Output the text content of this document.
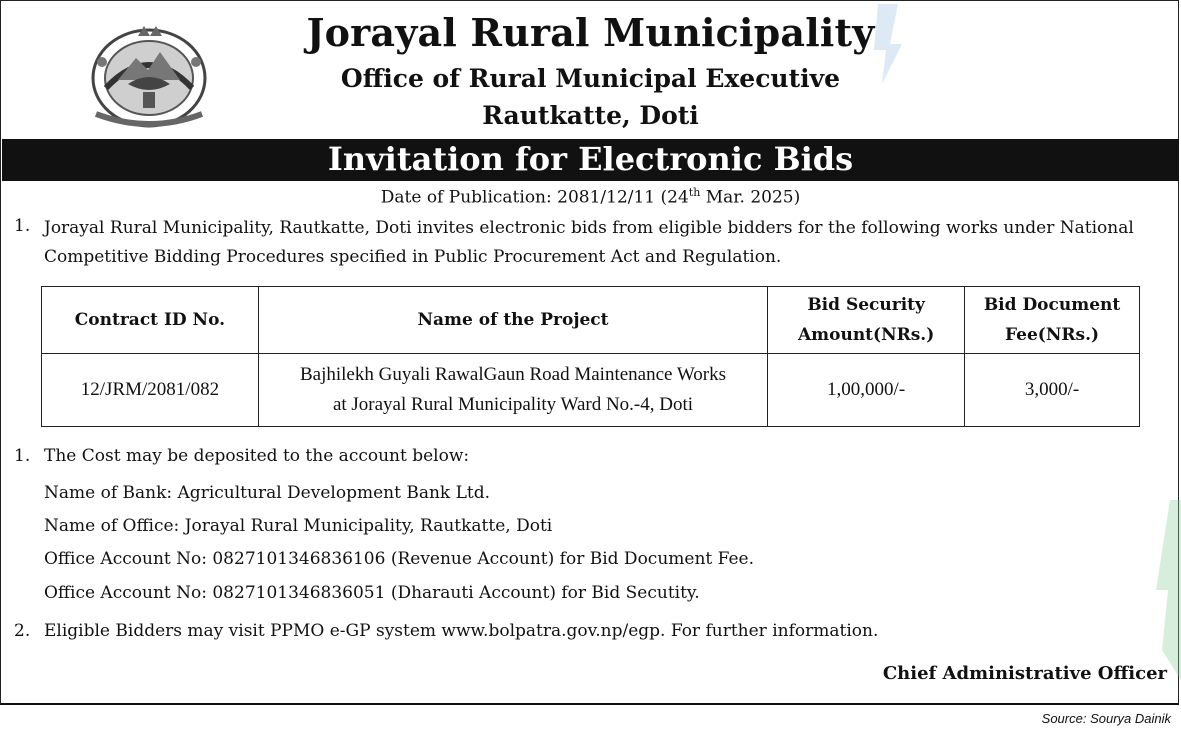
Jorayal Rural Municipality
Office of Rural Municipal Executive
Rautkatte, Doti
Invitation for Electronic Bids
Date of Publication: 2081/12/11 (24th Mar. 2025)
1. Jorayal Rural Municipality, Rautkatte, Doti invites electronic bids from eligible bidders for the following works under National Competitive Bidding Procedures specified in Public Procurement Act and Regulation.
Contract ID No.	Name of the Project	Bid Security Amount(NRs.)	Bid Document Fee(NRs.)
12/JRM/2081/082	Bajhilekh Guyali RawalGaun Road Maintenance Works at Jorayal Rural Municipality Ward No.-4, Doti	1,00,000/-	3,000/-
1. The Cost may be deposited to the account below:
Name of Bank: Agricultural Development Bank Ltd.
Name of Office: Jorayal Rural Municipality, Rautkatte, Doti
Office Account No: 0827101346836106 (Revenue Account) for Bid Document Fee.
Office Account No: 0827101346836051 (Dharauti Account) for Bid Secutity.
2. Eligible Bidders may visit PPMO e-GP system www.bolpatra.gov.np/egp. For further information.
Chief Administrative Officer
Source: Sourya Dainik
